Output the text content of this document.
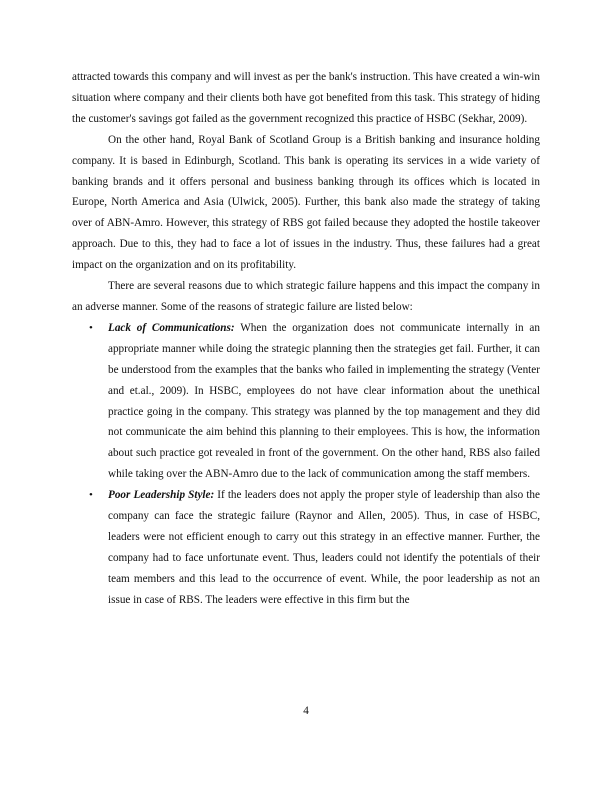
attracted towards this company and will invest as per the bank's instruction. This have created a win-win situation where company and their clients both have got benefited from this task. This strategy of hiding the customer's savings got failed as the government recognized this practice of HSBC (Sekhar, 2009).

On the other hand, Royal Bank of Scotland Group is a British banking and insurance holding company. It is based in Edinburgh, Scotland. This bank is operating its services in a wide variety of banking brands and it offers personal and business banking through its offices which is located in Europe, North America and Asia (Ulwick, 2005). Further, this bank also made the strategy of taking over of ABN-Amro. However, this strategy of RBS got failed because they adopted the hostile takeover approach. Due to this, they had to face a lot of issues in the industry. Thus, these failures had a great impact on the organization and on its profitability.

There are several reasons due to which strategic failure happens and this impact the company in an adverse manner. Some of the reasons of strategic failure are listed below:

• Lack of Communications: When the organization does not communicate internally in an appropriate manner while doing the strategic planning then the strategies get fail. Further, it can be understood from the examples that the banks who failed in implementing the strategy (Venter and et.al., 2009). In HSBC, employees do not have clear information about the unethical practice going in the company. This strategy was planned by the top management and they did not communicate the aim behind this planning to their employees. This is how, the information about such practice got revealed in front of the government. On the other hand, RBS also failed while taking over the ABN-Amro due to the lack of communication among the staff members.
• Poor Leadership Style: If the leaders does not apply the proper style of leadership than also the company can face the strategic failure (Raynor and Allen, 2005). Thus, in case of HSBC, leaders were not efficient enough to carry out this strategy in an effective manner. Further, the company had to face unfortunate event. Thus, leaders could not identify the potentials of their team members and this lead to the occurrence of event. While, the poor leadership as not an issue in case of RBS. The leaders were effective in this firm but the
4
